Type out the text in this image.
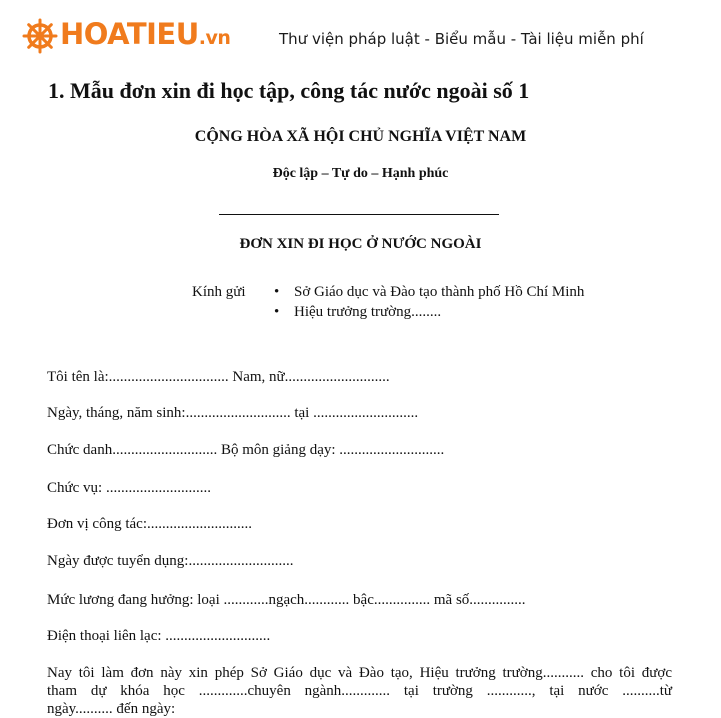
HOATIEU.vn	Thư viện pháp luật - Biểu mẫu - Tài liệu miễn phí
1. Mẫu đơn xin đi học tập, công tác nước ngoài số 1
CỘNG HÒA XÃ HỘI CHỦ NGHĨA VIỆT NAM
Độc lập – Tự do – Hạnh phúc
ĐƠN XIN ĐI HỌC Ở NƯỚC NGOÀI
Kính gửi • Sở Giáo dục và Đào tạo thành phố Hồ Chí Minh
• Hiệu trưởng trường........
Tôi tên là:................................ Nam, nữ............................
Ngày, tháng, năm sinh:............................ tại ............................
Chức danh............................ Bộ môn giảng dạy: ............................
Chức vụ: ............................
Đơn vị công tác:............................
Ngày được tuyển dụng:............................
Mức lương đang hưởng: loại ............ngạch............ bậc............... mã số...............
Điện thoại liên lạc: ............................
Nay tôi làm đơn này xin phép Sở Giáo dục và Đào tạo, Hiệu trưởng trường........... cho tôi được
tham dự khóa học .............chuyên ngành............. tại trường ............, tại nước ..........từ
ngày.......... đến ngày:
